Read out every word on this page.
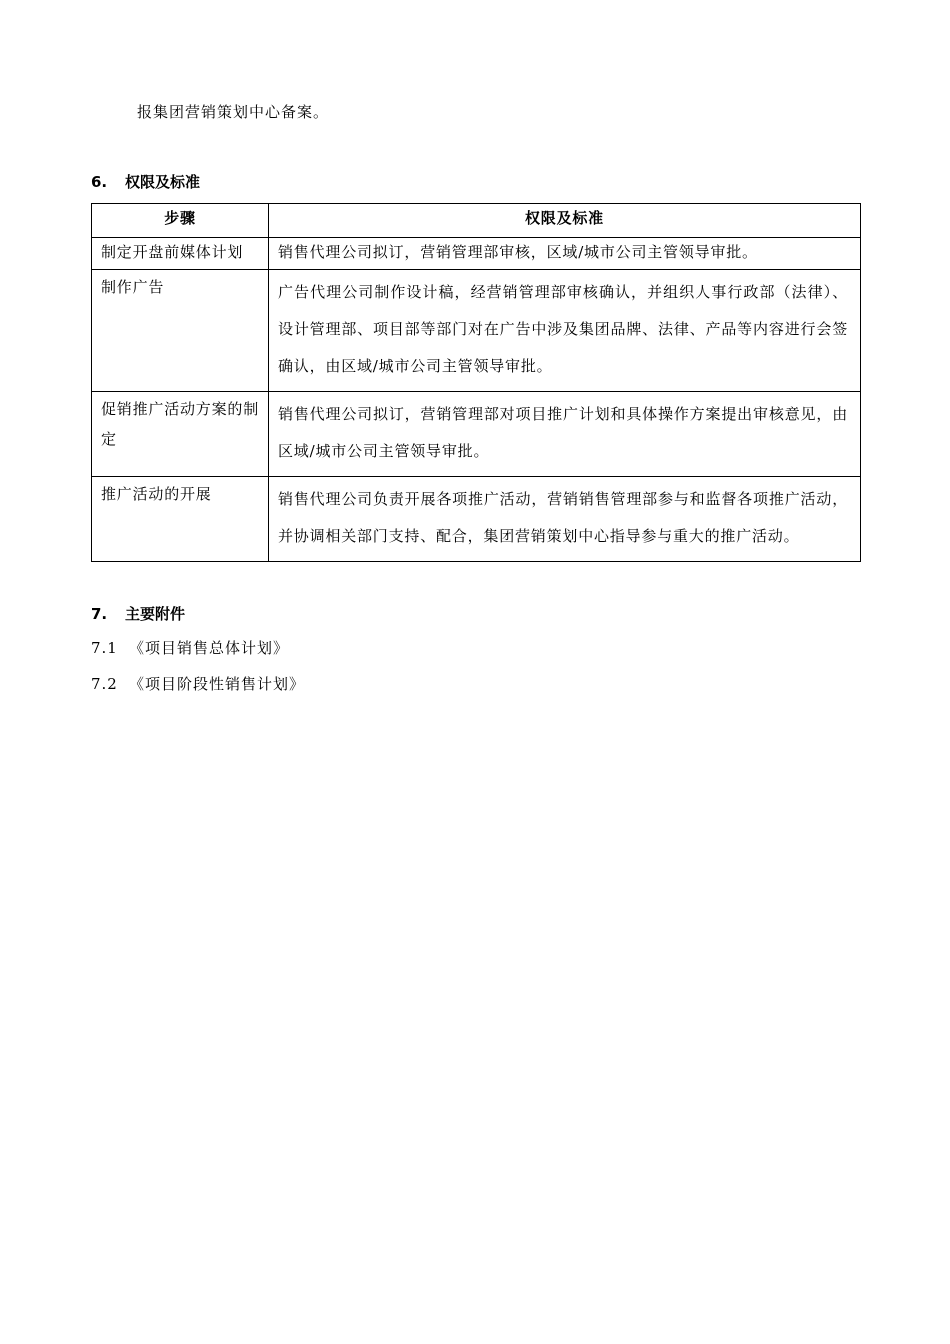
报集团营销策划中心备案。
6. 权限及标准
步骤	权限及标准
制定开盘前媒体计划	销售代理公司拟订，营销管理部审核，区域/城市公司主管领导审批。
制作广告	广告代理公司制作设计稿，经营销管理部审核确认，并组织人事行政部（法律）、设计管理部、项目部等部门对在广告中涉及集团品牌、法律、产品等内容进行会签确认，由区域/城市公司主管领导审批。
促销推广活动方案的制定	销售代理公司拟订，营销管理部对项目推广计划和具体操作方案提出审核意见，由区域/城市公司主管领导审批。
推广活动的开展	销售代理公司负责开展各项推广活动，营销销售管理部参与和监督各项推广活动，并协调相关部门支持、配合，集团营销策划中心指导参与重大的推广活动。
7. 主要附件
7.1 《项目销售总体计划》
7.2 《项目阶段性销售计划》
